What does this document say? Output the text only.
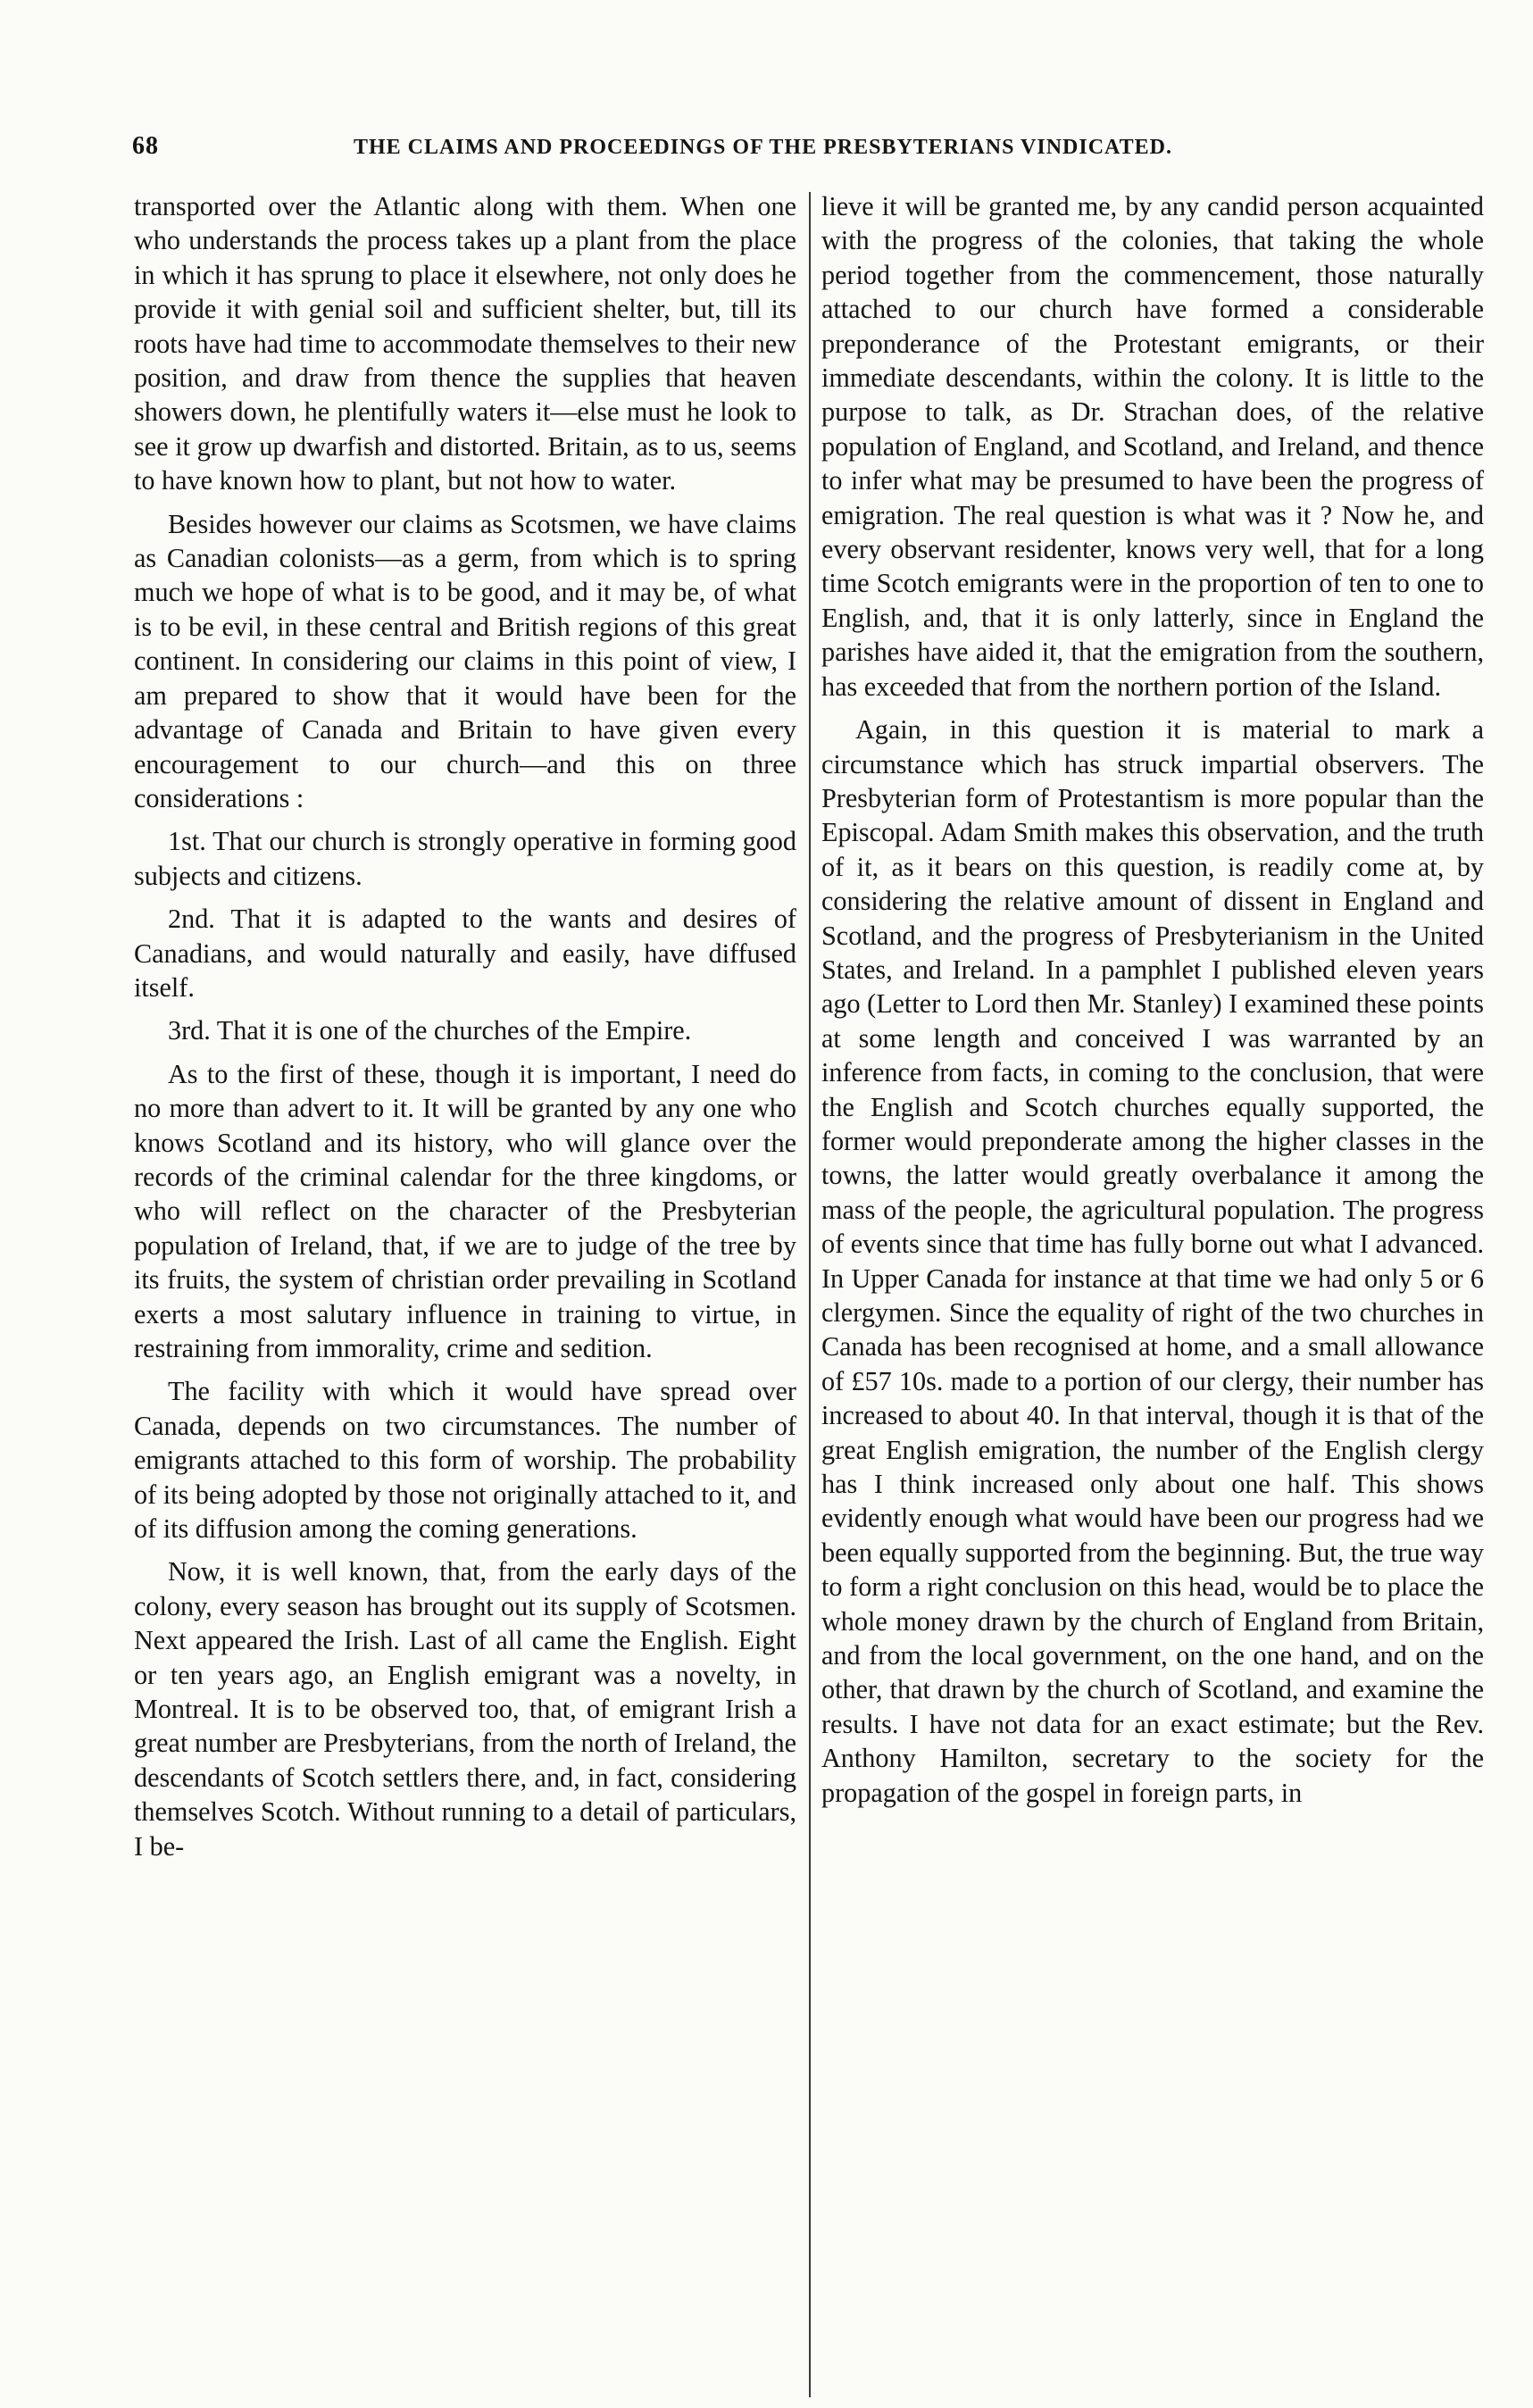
68	THE CLAIMS AND PROCEEDINGS OF THE PRESBYTERIANS VINDICATED.

transported over the Atlantic along with them. When one who understands the process takes up a plant from the place in which it has sprung to place it elsewhere, not only does he provide it with genial soil and sufficient shelter, but, till its roots have had time to accommodate themselves to their new position, and draw from thence the supplies that heaven showers down, he plentifully waters it—else must he look to see it grow up dwarfish and distorted. Britain, as to us, seems to have known how to plant, but not how to water.

Besides however our claims as Scotsmen, we have claims as Canadian colonists—as a germ, from which is to spring much we hope of what is to be good, and it may be, of what is to be evil, in these central and British regions of this great continent. In considering our claims in this point of view, I am prepared to show that it would have been for the advantage of Canada and Britain to have given every encouragement to our church—and this on three considerations :

1st. That our church is strongly operative in forming good subjects and citizens.

2nd. That it is adapted to the wants and desires of Canadians, and would naturally and easily, have diffused itself.

3rd. That it is one of the churches of the Empire.

As to the first of these, though it is important, I need do no more than advert to it. It will be granted by any one who knows Scotland and its history, who will glance over the records of the criminal calendar for the three kingdoms, or who will reflect on the character of the Presbyterian population of Ireland, that, if we are to judge of the tree by its fruits, the system of christian order prevailing in Scotland exerts a most salutary influence in training to virtue, in restraining from immorality, crime and sedition.

The facility with which it would have spread over Canada, depends on two circumstances. The number of emigrants attached to this form of worship. The probability of its being adopted by those not originally attached to it, and of its diffusion among the coming generations.

Now, it is well known, that, from the early days of the colony, every season has brought out its supply of Scotsmen. Next appeared the Irish. Last of all came the English. Eight or ten years ago, an English emigrant was a novelty, in Montreal. It is to be observed too, that, of emigrant Irish a great number are Presbyterians, from the north of Ireland, the descendants of Scotch settlers there, and, in fact, considering themselves Scotch. Without running to a detail of particulars, I be-

lieve it will be granted me, by any candid person acquainted with the progress of the colonies, that taking the whole period together from the commencement, those naturally attached to our church have formed a considerable preponderance of the Protestant emigrants, or their immediate descendants, within the colony. It is little to the purpose to talk, as Dr. Strachan does, of the relative population of England, and Scotland, and Ireland, and thence to infer what may be presumed to have been the progress of emigration. The real question is what was it ? Now he, and every observant residenter, knows very well, that for a long time Scotch emigrants were in the proportion of ten to one to English, and, that it is only latterly, since in England the parishes have aided it, that the emigration from the southern, has exceeded that from the northern portion of the Island.

Again, in this question it is material to mark a circumstance which has struck impartial observers. The Presbyterian form of Protestantism is more popular than the Episcopal. Adam Smith makes this observation, and the truth of it, as it bears on this question, is readily come at, by considering the relative amount of dissent in England and Scotland, and the progress of Presbyterianism in the United States, and Ireland. In a pamphlet I published eleven years ago (Letter to Lord then Mr. Stanley) I examined these points at some length and conceived I was warranted by an inference from facts, in coming to the conclusion, that were the English and Scotch churches equally supported, the former would preponderate among the higher classes in the towns, the latter would greatly overbalance it among the mass of the people, the agricultural population. The progress of events since that time has fully borne out what I advanced. In Upper Canada for instance at that time we had only 5 or 6 clergymen. Since the equality of right of the two churches in Canada has been recognised at home, and a small allowance of £57 10s. made to a portion of our clergy, their number has increased to about 40. In that interval, though it is that of the great English emigration, the number of the English clergy has I think increased only about one half. This shows evidently enough what would have been our progress had we been equally supported from the beginning. But, the true way to form a right conclusion on this head, would be to place the whole money drawn by the church of England from Britain, and from the local government, on the one hand, and on the other, that drawn by the church of Scotland, and examine the results. I have not data for an exact estimate; but the Rev. Anthony Hamilton, secretary to the society for the propagation of the gospel in foreign parts, in
